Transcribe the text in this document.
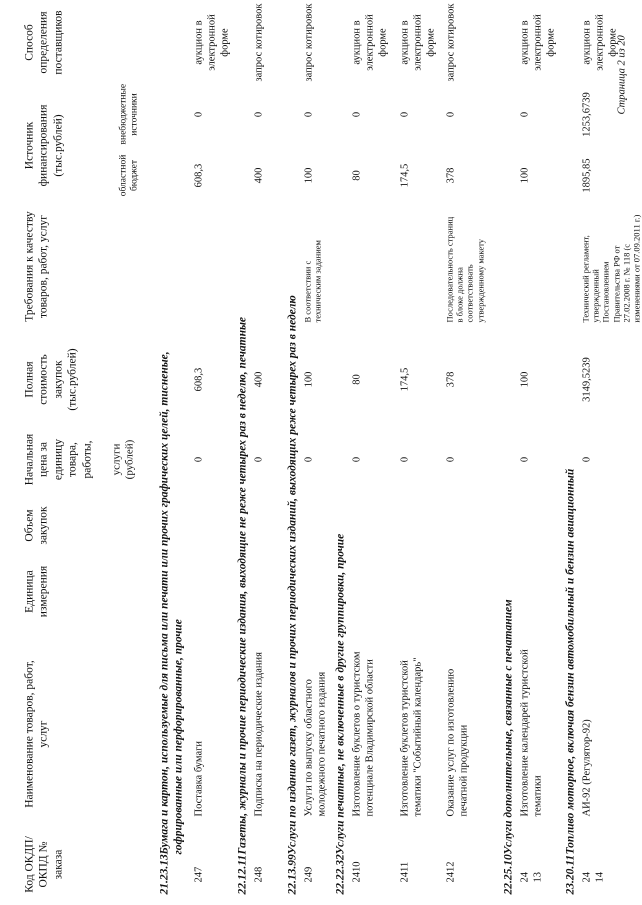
Код ОКДП/ ОКПД № заказа
Наименование товаров, работ, услуг
Единица измерения
Объем закупок
Начальная цена за единицу товара, работы, услуги (рублей)
Полная стоимость закупок (тыс.рублей)
Требования к качеству товаров, работ, услуг
Источник финансирования (тыс.рублей)	областной бюджет
внебюджетные источники
Способ определения поставщиков
21.23.13
Бумага и картон, используемые для письма или печати или прочих графических целей, тисненые, гофрированные или перфорированные, прочие
247
Поставка бумаги
0
608,3
608,3
0
аукцион в электронной форме
22.12.11
Газеты, журналы и прочие периодические издания, выходящие не реже четырех раз в неделю, печатные
248
Подписка на периодические издания
0
400
400
0
запрос котировок
22.13.99
Услуги по изданию газет, журналов и прочих периодических изданий, выходящих реже четырех раз в неделю
249
Услуги по выпуску областного молодежного печатного издания
0
100
В соответствии с техническим заданием
100
0
запрос котировок
22.22.32
Услуги печатные, не включенные в другие группировки, прочие
2410
Изготовление буклетов о туристском потенциале Владимирской области
0
80
80
0
аукцион в электронной форме
2411
Изготовление буклетов туристской тематики "Событийный календарь"
0
174,5
174,5
0
аукцион в электронной форме
2412
Оказание услуг по изготовлению печатной продукции
0
378
Последовательность страниц в блоке должна соответствовать утвержденному макету
378
0
запрос котировок
22.25.10
Услуги дополнительные, связанные с печатанием
24 13
Изготовление календарей туристской тематики
0
100
100
0
аукцион в электронной форме
23.20.11
Топливо моторное, включая бензин автомобильный и бензин авиационный
24 14
АИ-92 (Регулятор-92)
0
3149,5239
Технический регламент, утвержденный Постановлением Правительства РФ от 27.02.2008 г. № 118 (с изменениями от 07.09.2011 г.)
1895,85
1253,6739
аукцион в электронной форме
Страница 2 из 20
